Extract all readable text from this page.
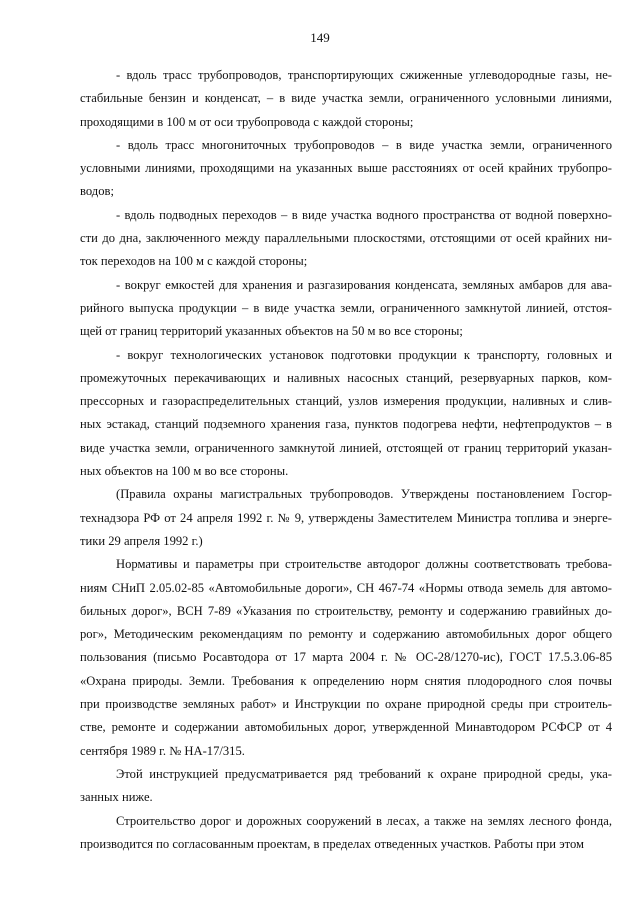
149

- вдоль трасс трубопроводов, транспортирующих сжиженные углеводородные газы, не-
стабильные бензин и конденсат, – в виде участка земли, ограниченного условными линиями,
проходящими в 100 м от оси трубопровода с каждой стороны;

- вдоль трасс многониточных трубопроводов – в виде участка земли, ограниченного
условными линиями, проходящими на указанных выше расстояниях от осей крайних трубопро-
водов;

- вдоль подводных переходов – в виде участка водного пространства от водной поверхно-
сти до дна, заключенного между параллельными плоскостями, отстоящими от осей крайних ни-
ток переходов на 100 м с каждой стороны;

- вокруг емкостей для хранения и разгазирования конденсата, земляных амбаров для ава-
рийного выпуска продукции – в виде участка земли, ограниченного замкнутой линией, отстоя-
щей от границ территорий указанных объектов на 50 м во все стороны;

- вокруг технологических установок подготовки продукции к транспорту, головных и
промежуточных перекачивающих и наливных насосных станций, резервуарных парков, ком-
прессорных и газораспределительных станций, узлов измерения продукции, наливных и слив-
ных эстакад, станций подземного хранения газа, пунктов подогрева нефти, нефтепродуктов – в
виде участка земли, ограниченного замкнутой линией, отстоящей от границ территорий указан-
ных объектов на 100 м во все стороны.

(Правила охраны магистральных трубопроводов. Утверждены постановлением Госгор-
технадзора РФ от 24 апреля 1992 г. № 9, утверждены Заместителем Министра топлива и энерге-
тики 29 апреля 1992 г.)

Нормативы и параметры при строительстве автодорог должны соответствовать требова-
ниям СНиП 2.05.02-85 «Автомобильные дороги», СН 467-74 «Нормы отвода земель для автомо-
бильных дорог», ВСН 7-89 «Указания по строительству, ремонту и содержанию гравийных до-
рог», Методическим рекомендациям по ремонту и содержанию автомобильных дорог общего
пользования (письмо Росавтодора от 17 марта 2004 г. № ОС-28/1270-ис), ГОСТ 17.5.3.06-85
«Охрана природы. Земли. Требования к определению норм снятия плодородного слоя почвы
при производстве земляных работ» и Инструкции по охране природной среды при строитель-
стве, ремонте и содержании автомобильных дорог, утвержденной Минавтодором РСФСР от 4
сентября 1989 г. № НА-17/315.

Этой инструкцией предусматривается ряд требований к охране природной среды, ука-
занных ниже.

Строительство дорог и дорожных сооружений в лесах, а также на землях лесного фонда,
производится по согласованным проектам, в пределах отведенных участков. Работы при этом
